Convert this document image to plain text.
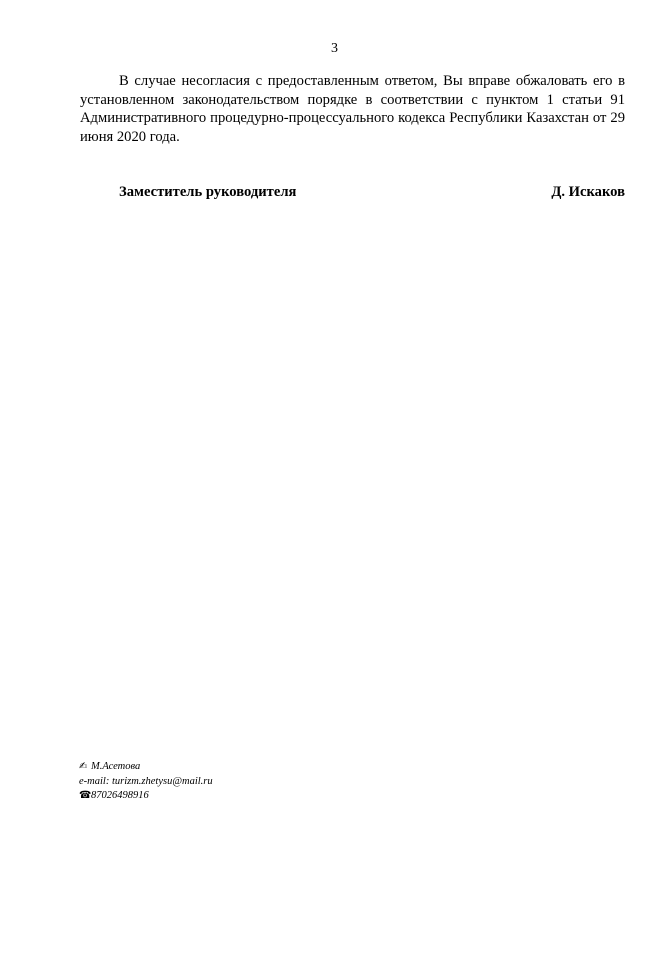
3

В случае несогласия с предоставленным ответом, Вы вправе обжаловать его в установленном законодательством порядке в соответствии с пунктом 1 статьи 91 Административного процедурно-процессуального кодекса Республики Казахстан от 29 июня 2020 года.

Заместитель руководителя	Д. Искаков
✍ М.Асетова
e-mail: turizm.zhetysu@mail.ru
☎87026498916
